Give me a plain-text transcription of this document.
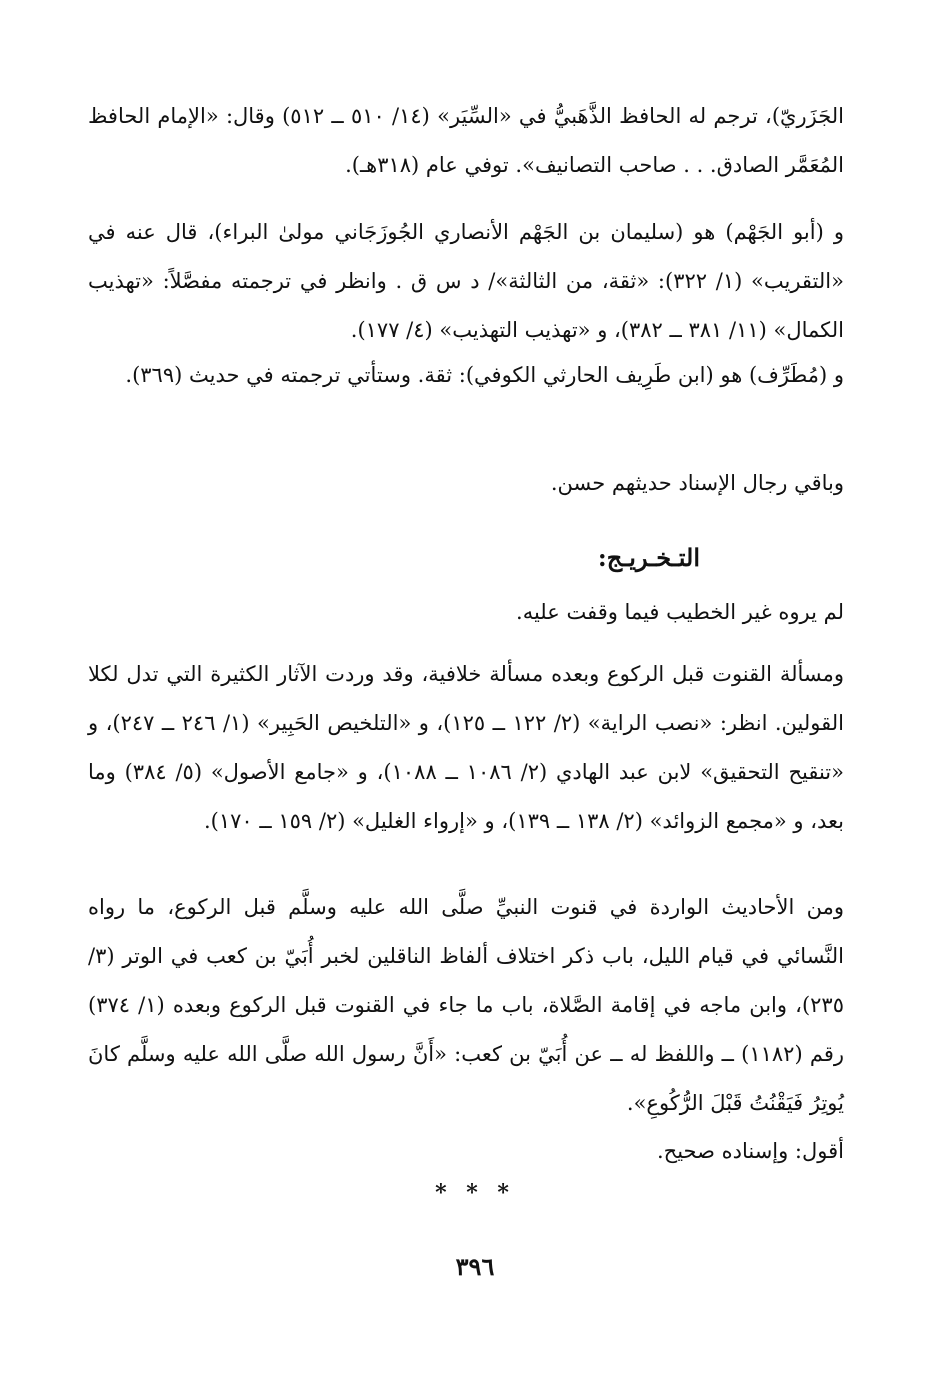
الجَزَريّ)، ترجم له الحافظ الذَّهَبيُّ في «السِّيَر» (١٤/ ٥١٠ ــ ٥١٢) وقال: «الإمام الحافظ المُعَمَّر الصادق. . . صاحب التصانيف». توفي عام (٣١٨هـ).
و (أبو الجَهْم) هو (سليمان بن الجَهْم الأنصاري الجُوزَجَاني مولىٰ البراء)، قال عنه في «التقريب» (١/ ٣٢٢): «ثقة، من الثالثة»/ د س ق . وانظر في ترجمته مفصَّلاً: «تهذيب الكمال» (١١/ ٣٨١ ــ ٣٨٢)، و «تهذيب التهذيب» (٤/ ١٧٧).
و (مُطَرِّف) هو (ابن طَرِيف الحارثي الكوفي): ثقة. وستأتي ترجمته في حديث (٣٦٩).
وباقي رجال الإسناد حديثهم حسن.
التـخـريـج:
لم يروه غير الخطيب فيما وقفت عليه.
ومسألة القنوت قبل الركوع وبعده مسألة خلافية، وقد وردت الآثار الكثيرة التي تدل لكلا القولين. انظر: «نصب الراية» (٢/ ١٢٢ ــ ١٢٥)، و «التلخيص الحَبِير» (١/ ٢٤٦ ــ ٢٤٧)، و «تنقيح التحقيق» لابن عبد الهادي (٢/ ١٠٨٦ ــ ١٠٨٨)، و «جامع الأصول» (٥/ ٣٨٤) وما بعد، و «مجمع الزوائد» (٢/ ١٣٨ ــ ١٣٩)، و «إرواء الغليل» (٢/ ١٥٩ ــ ١٧٠).
ومن الأحاديث الواردة في قنوت النبيِّ صلَّى الله عليه وسلَّم قبل الركوع، ما رواه النَّسائي في قيام الليل، باب ذكر اختلاف ألفاظ الناقلين لخبر أُبَيّ بن كعب في الوتر (٣/ ٢٣٥)، وابن ماجه في إقامة الصَّلاة، باب ما جاء في القنوت قبل الركوع وبعده (١/ ٣٧٤) رقم (١١٨٢) ــ واللفظ له ــ عن أُبَيّ بن كعب: «أَنَّ رسول الله صلَّى الله عليه وسلَّم كانَ يُوتِرُ فَيَقْنُتُ قَبْلَ الرُّكُوعِ».
أقول: وإسناده صحيح.
* * *
٣٩٦
